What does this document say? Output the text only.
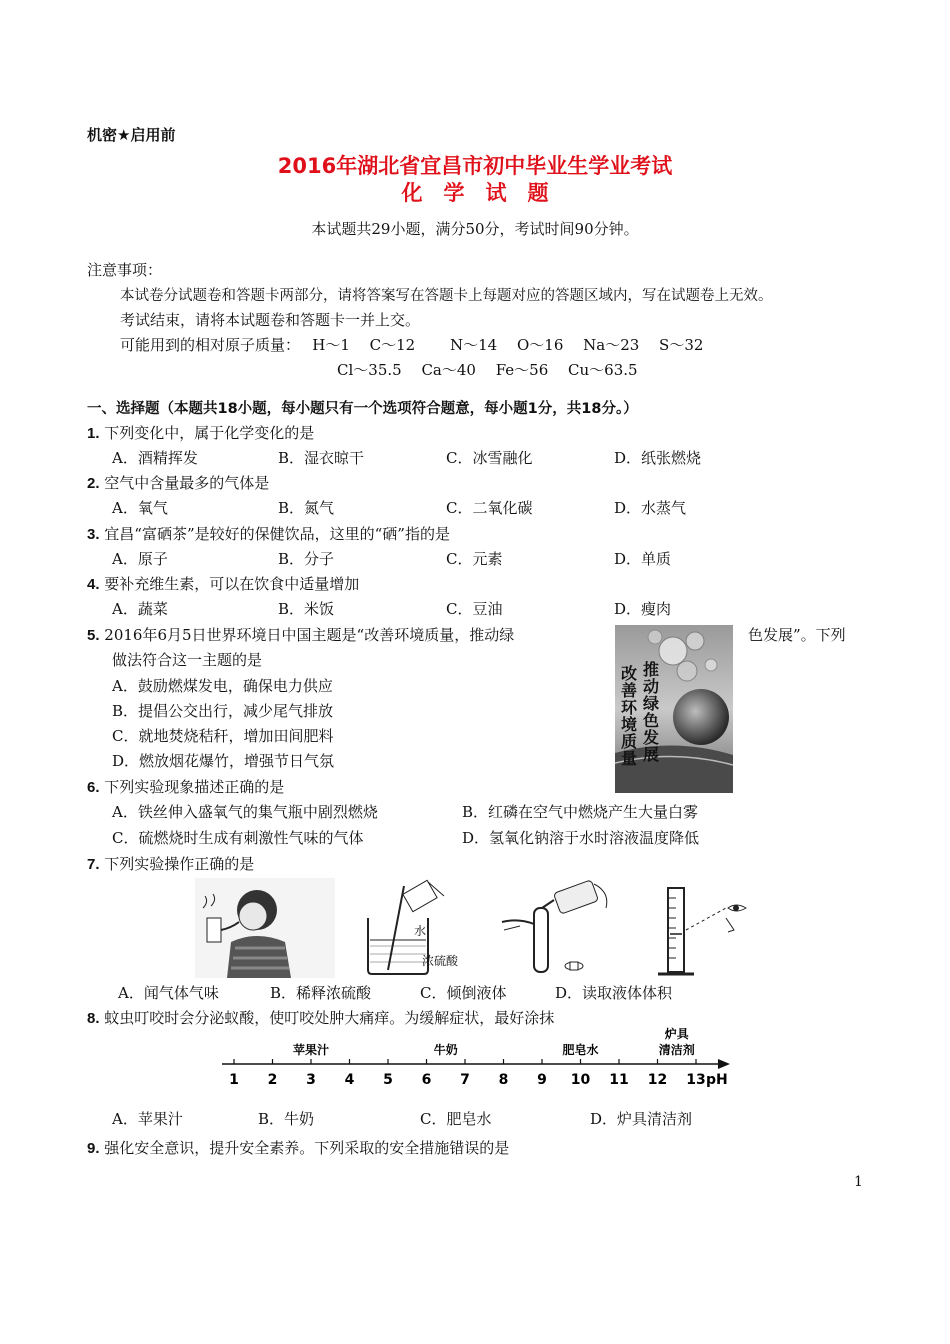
机密★启用前
2016年湖北省宜昌市初中毕业生学业考试
化　学　试　题
本试题共29小题，满分50分，考试时间90分钟。
注意事项：
本试卷分试题卷和答题卡两部分，请将答案写在答题卡上每题对应的答题区域内，写在试题卷上无效。
考试结束，请将本试题卷和答题卡一并上交。
可能用到的相对原子质量：　 H～1　 C～12　　 N～14　 O～16　 Na～23　 S～32
Cl～35.5　 Ca～40　 Fe～56　 Cu～63.5
一、选择题（本题共18小题，每小题只有一个选项符合题意，每小题1分，共18分。）
1. 下列变化中，属于化学变化的是
A．酒精挥发	B．湿衣晾干	C．冰雪融化	D．纸张燃烧
2. 空气中含量最多的气体是
A．氧气	B．氮气	C．二氧化碳	D．水蒸气
3. 宜昌“富硒茶”是较好的保健饮品，这里的“硒”指的是
A．原子	B．分子	C．元素	D．单质
4. 要补充维生素，可以在饮食中适量增加
A．蔬菜	B．米饭	C．豆油	D．瘦肉
5. 2016年6月5日世界环境日中国主题是“改善环境质量，推动绿	色发展”。下列
做法符合这一主题的是
A．鼓励燃煤发电，确保电力供应
B．提倡公交出行，减少尾气排放
C．就地焚烧秸秆，增加田间肥料
D．燃放烟花爆竹，增强节日气氛
改善环境质量
推动绿色发展
6. 下列实验现象描述正确的是
A．铁丝伸入盛氧气的集气瓶中剧烈燃烧	B．红磷在空气中燃烧产生大量白雾
C．硫燃烧时生成有刺激性气味的气体	D．氢氧化钠溶于水时溶液温度降低
7. 下列实验操作正确的是
水
浓硫酸
A．闻气体气味	B．稀释浓硫酸	C．倾倒液体	D．读取液体体积
8. 蚊虫叮咬时会分泌蚁酸，使叮咬处肿大痛痒。为缓解症状，最好涂抹
1 2 3 4 5 6 7 8 9 10 11 12 13
苹果汁	牛奶	肥皂水
炉具
清洁剂
pH
A．苹果汁	B．牛奶	C．肥皂水	D．炉具清洁剂
9. 强化安全意识，提升安全素养。下列采取的安全措施错误的是
1
